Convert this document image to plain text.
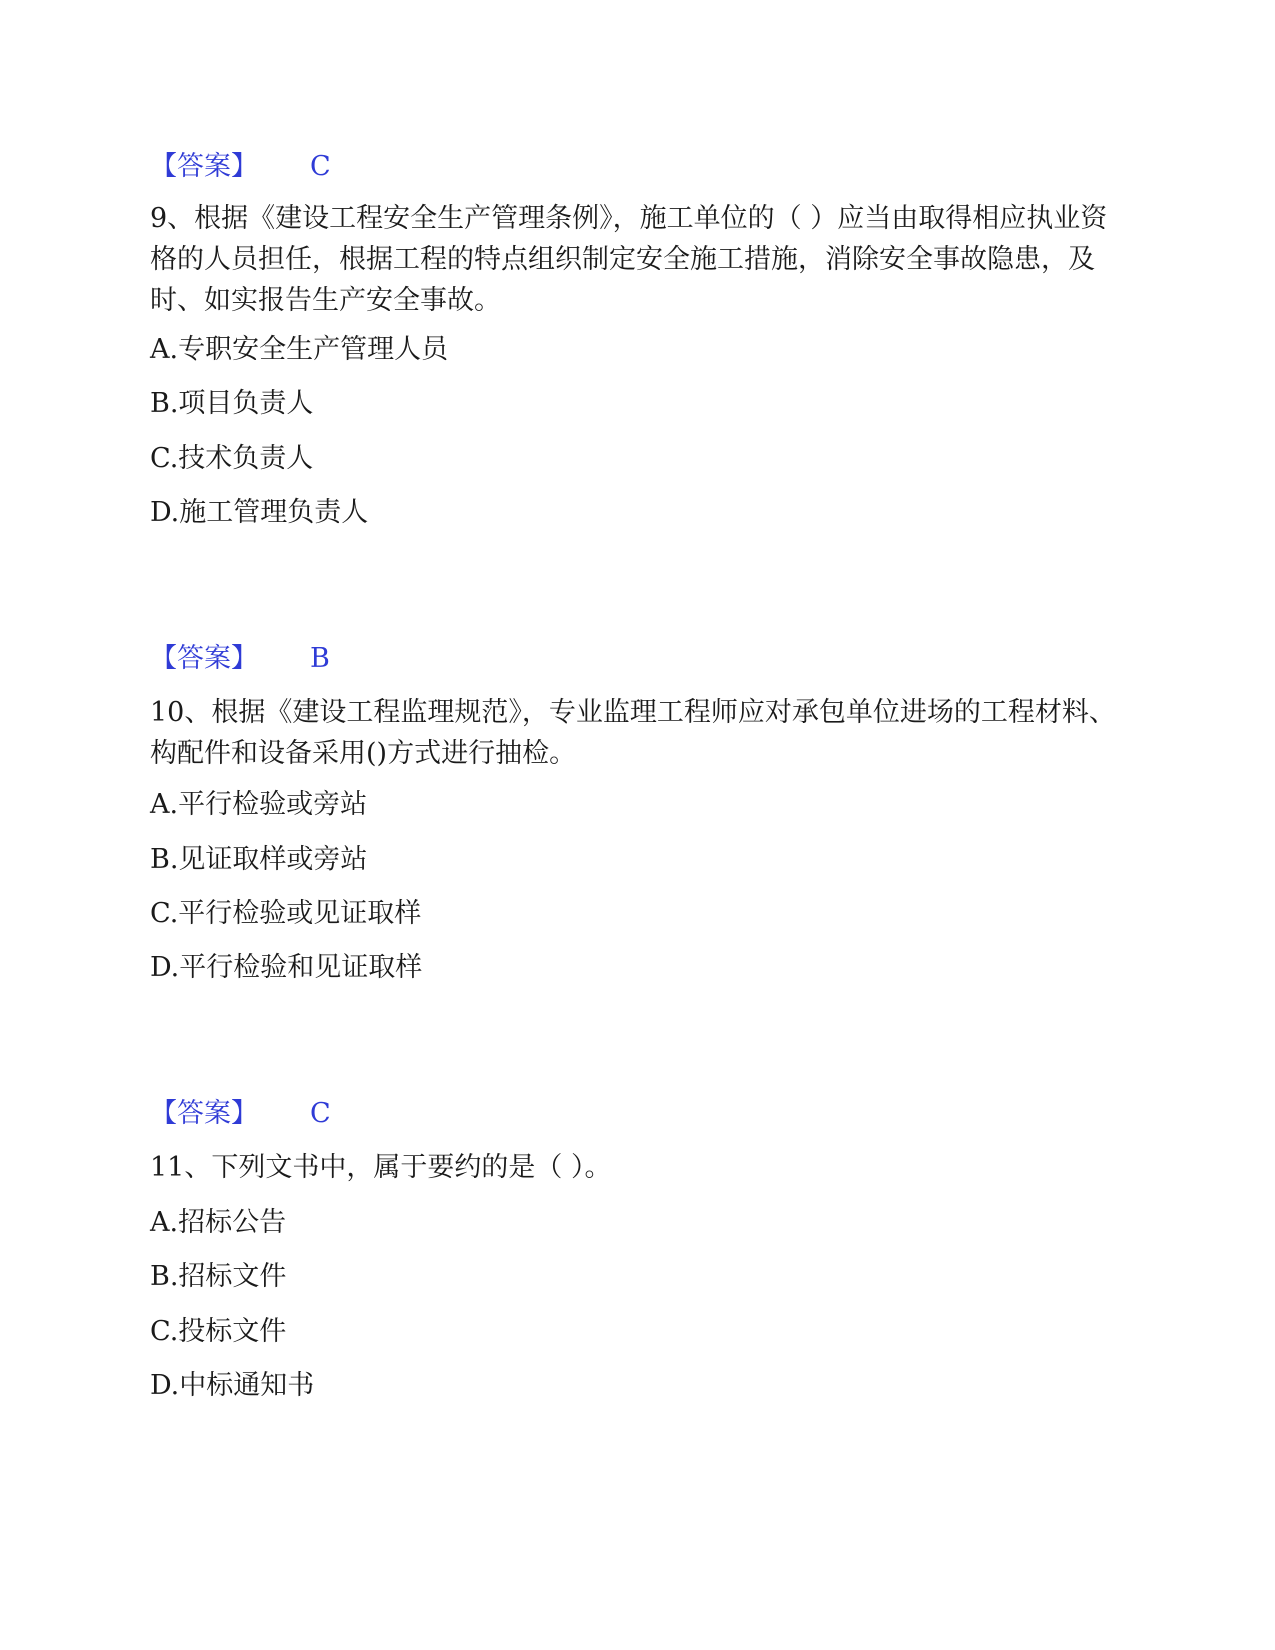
【答案】 C
9、根据《建设工程安全生产管理条例》，施工单位的（ ）应当由取得相应执业资格的人员担任，根据工程的特点组织制定安全施工措施，消除安全事故隐患，及时、如实报告生产安全事故。
A.专职安全生产管理人员
B.项目负责人
C.技术负责人
D.施工管理负责人
【答案】 B
10、根据《建设工程监理规范》，专业监理工程师应对承包单位进场的工程材料、构配件和设备采用()方式进行抽检。
A.平行检验或旁站
B.见证取样或旁站
C.平行检验或见证取样
D.平行检验和见证取样
【答案】 C
11、下列文书中，属于要约的是（ ）。
A.招标公告
B.招标文件
C.投标文件
D.中标通知书
